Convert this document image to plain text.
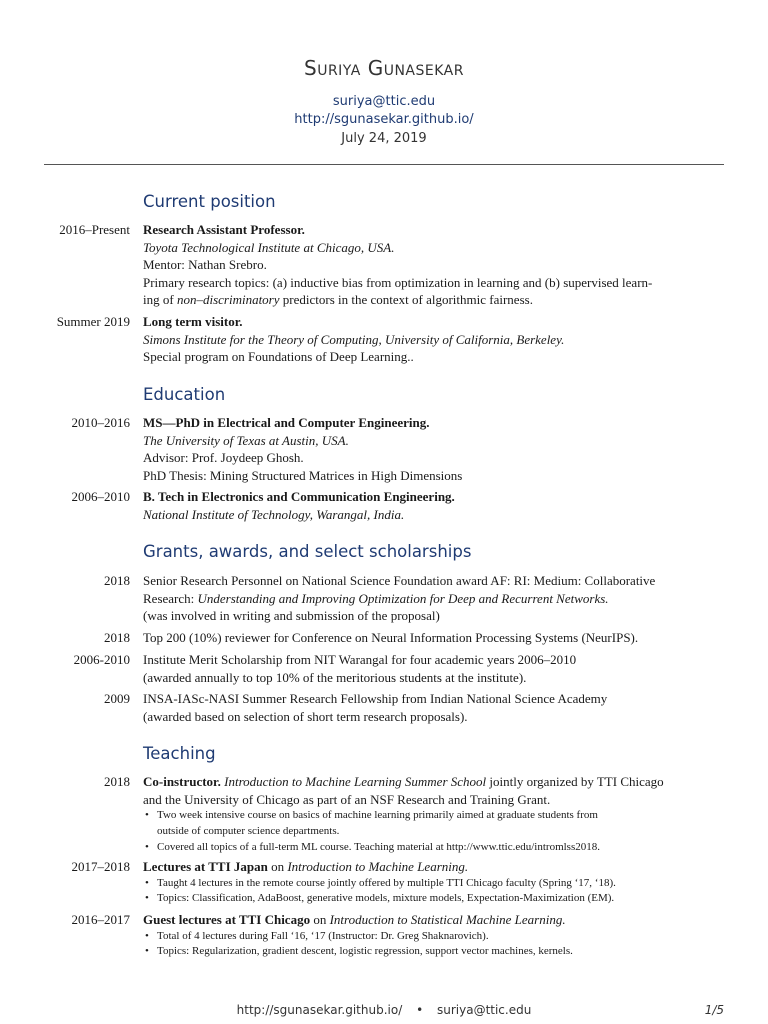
Suriya Gunasekar
suriya@ttic.edu
http://sgunasekar.github.io/
July 24, 2019
Current position
2016–Present Research Assistant Professor.
Toyota Technological Institute at Chicago, USA.
Mentor: Nathan Srebro.
Primary research topics: (a) inductive bias from optimization in learning and (b) supervised learn-
ing of non–discriminatory predictors in the context of algorithmic fairness.
Summer 2019 Long term visitor.
Simons Institute for the Theory of Computing, University of California, Berkeley.
Special program on Foundations of Deep Learning..
Education
2010–2016 MS—PhD in Electrical and Computer Engineering.
The University of Texas at Austin, USA.
Advisor: Prof. Joydeep Ghosh.
PhD Thesis: Mining Structured Matrices in High Dimensions
2006–2010 B. Tech in Electronics and Communication Engineering.
National Institute of Technology, Warangal, India.
Grants, awards, and select scholarships
2018 Senior Research Personnel on National Science Foundation award AF: RI: Medium: Collaborative
Research: Understanding and Improving Optimization for Deep and Recurrent Networks.
(was involved in writing and submission of the proposal)
2018 Top 200 (10%) reviewer for Conference on Neural Information Processing Systems (NeurIPS).
2006-2010 Institute Merit Scholarship from NIT Warangal for four academic years 2006–2010
(awarded annually to top 10% of the meritorious students at the institute).
2009 INSA-IASc-NASI Summer Research Fellowship from Indian National Science Academy
(awarded based on selection of short term research proposals).
Teaching
2018 Co-instructor. Introduction to Machine Learning Summer School jointly organized by TTI Chicago
and the University of Chicago as part of an NSF Research and Training Grant.
• Two week intensive course on basics of machine learning primarily aimed at graduate students from
outside of computer science departments.
• Covered all topics of a full-term ML course. Teaching material at http://www.ttic.edu/intromlss2018.
2017–2018 Lectures at TTI Japan on Introduction to Machine Learning.
• Taught 4 lectures in the remote course jointly offered by multiple TTI Chicago faculty (Spring ‘17, ‘18).
• Topics: Classification, AdaBoost, generative models, mixture models, Expectation-Maximization (EM).
2016–2017 Guest lectures at TTI Chicago on Introduction to Statistical Machine Learning.
• Total of 4 lectures during Fall ‘16, ‘17 (Instructor: Dr. Greg Shaknarovich).
• Topics: Regularization, gradient descent, logistic regression, support vector machines, kernels.
http://sgunasekar.github.io/ • suriya@ttic.edu	1/5
